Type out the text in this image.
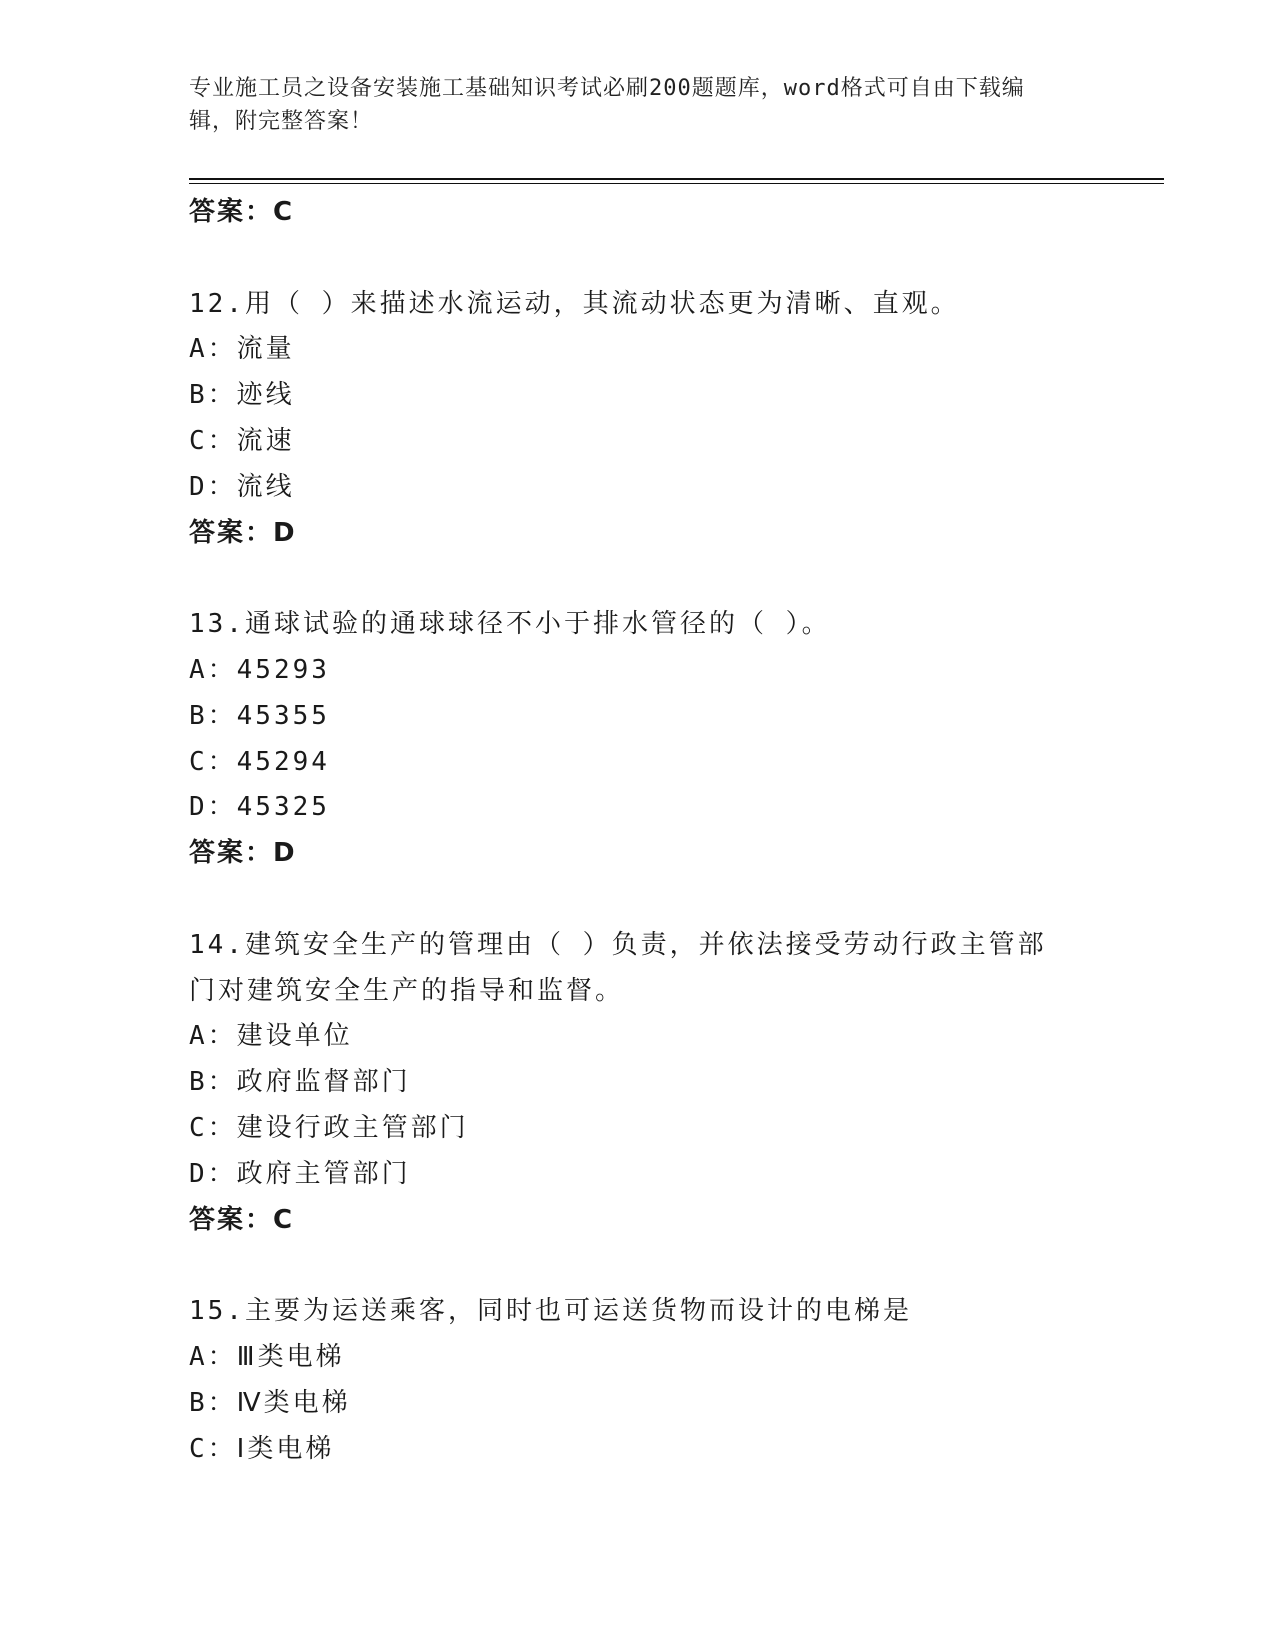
专业施工员之设备安装施工基础知识考试必刷200题题库，word格式可自由下载编辑，附完整答案！
答案：C
12.用（ ）来描述水流运动，其流动状态更为清晰、直观。
A：流量
B：迹线
C：流速
D：流线
答案：D
13.通球试验的通球球径不小于排水管径的（ ）。
A：45293
B：45355
C：45294
D：45325
答案：D
14.建筑安全生产的管理由（ ）负责，并依法接受劳动行政主管部门对建筑安全生产的指导和监督。
A：建设单位
B：政府监督部门
C：建设行政主管部门
D：政府主管部门
答案：C
15.主要为运送乘客，同时也可运送货物而设计的电梯是
A：Ⅲ类电梯
B：Ⅳ类电梯
C：Ⅰ类电梯
